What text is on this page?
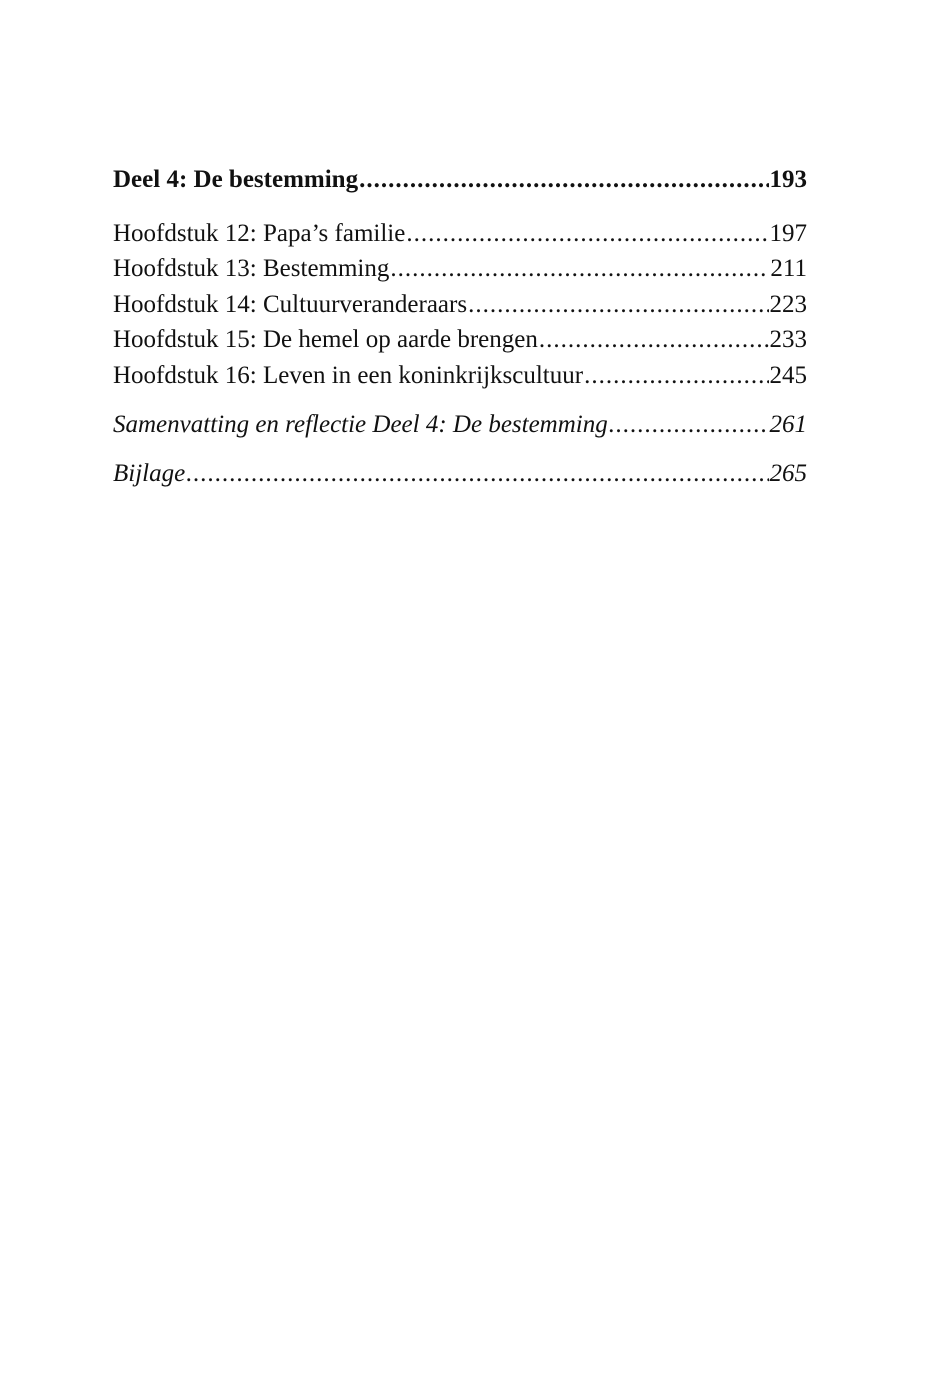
Deel 4: De bestemming .....	193
Hoofdstuk 12: Papa’s familie .....	197
Hoofdstuk 13: Bestemming .....	211
Hoofdstuk 14: Cultuurveranderaars .....	223
Hoofdstuk 15: De hemel op aarde brengen .....	233
Hoofdstuk 16: Leven in een koninkrijkscultuur .....	245
Samenvatting en reflectie Deel 4: De bestemming .....	261
Bijlage .....	265
